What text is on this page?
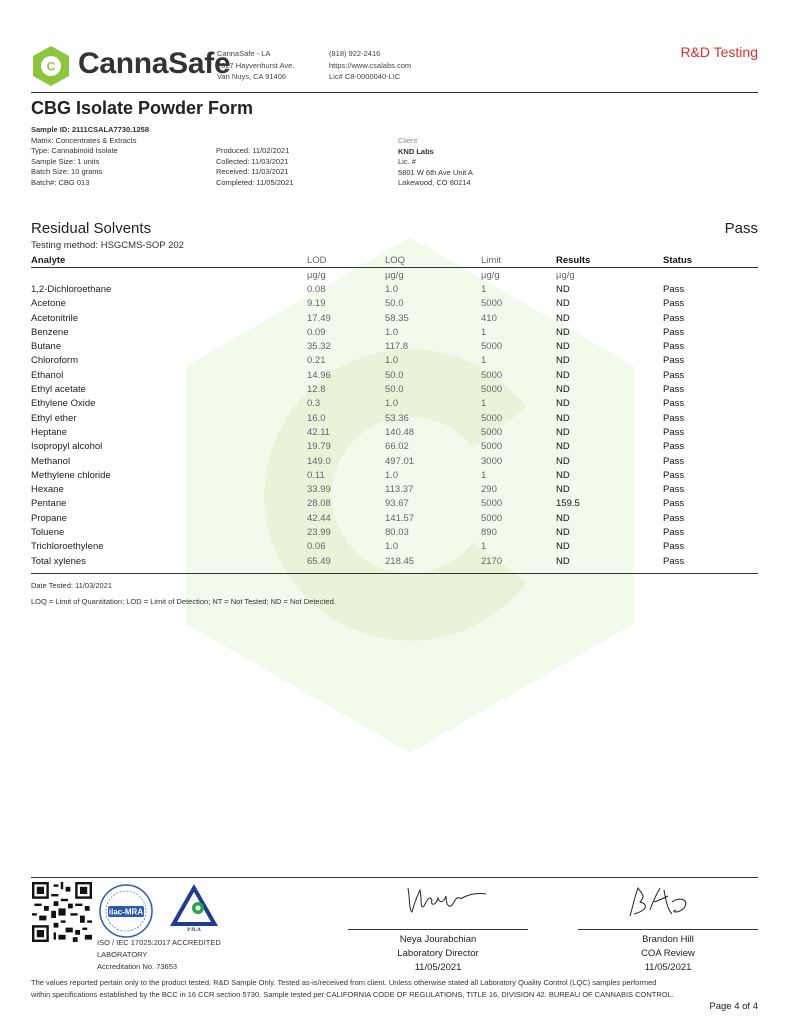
C CannaSafe
CannaSafe - LA
7027 Hayvenhurst Ave.
Van Nuys, CA 91406
(818) 922-2416
https://www.csalabs.com
Lic# C8-0000040-LIC
R&D Testing
CBG Isolate Powder Form
Sample ID: 2111CSALA7730.1258
Matrix: Concentrates & Extracts
Type: Cannabinoid Isolate
Sample Size: 1 units
Batch Size: 10 grams
Batch#: CBG 013
Produced: 11/02/2021
Collected: 11/03/2021
Received: 11/03/2021
Completed: 11/05/2021
Client
KND Labs
Lic. #
5801 W 6th Ave Unit A
Lakewood, CO 80214
Residual Solvents	Pass
Testing method: HSGCMS-SOP 202
Analyte	LOD	LOQ	Limit	Results	Status
	µg/g	µg/g	µg/g	µg/g	
1,2-Dichloroethane	0.08	1.0	1	ND	Pass
Acetone	9.19	50.0	5000	ND	Pass
Acetonitrile	17.49	58.35	410	ND	Pass
Benzene	0.09	1.0	1	ND	Pass
Butane	35.32	117.8	5000	ND	Pass
Chloroform	0.21	1.0	1	ND	Pass
Ethanol	14.96	50.0	5000	ND	Pass
Ethyl acetate	12.8	50.0	5000	ND	Pass
Ethylene Oxide	0.3	1.0	1	ND	Pass
Ethyl ether	16.0	53.36	5000	ND	Pass
Heptane	42.11	140.48	5000	ND	Pass
Isopropyl alcohol	19.79	66.02	5000	ND	Pass
Methanol	149.0	497.01	3000	ND	Pass
Methylene chloride	0.11	1.0	1	ND	Pass
Hexane	33.99	113.37	290	ND	Pass
Pentane	28.08	93.67	5000	159.5	Pass
Propane	42.44	141.57	5000	ND	Pass
Toluene	23.99	80.03	890	ND	Pass
Trichloroethylene	0.06	1.0	1	ND	Pass
Total xylenes	65.49	218.45	2170	ND	Pass
Date Tested: 11/03/2021
LOQ = Limit of Quantitation; LOD = Limit of Detection; NT = Not Tested; ND = Not Detected.
ilac-MRA
PJLA
ISO / IEC 17025:2017 ACCREDITED
LABORATORY
Accreditation No. 73653
Neya Jourabchian
Laboratory Director
11/05/2021
Brandon Hill
COA Review
11/05/2021
The values reported pertain only to the product tested. R&D Sample Only. Tested as-is/received from client. Unless otherwise stated all Laboratory Quality Control (LQC) samples performed
within specifications established by the BCC in 16 CCR section 5730. Sample tested per CALIFORNIA CODE OF REGULATIONS, TITLE 16, DIVISION 42. BUREAU OF CANNABIS CONTROL.
Page 4 of 4
